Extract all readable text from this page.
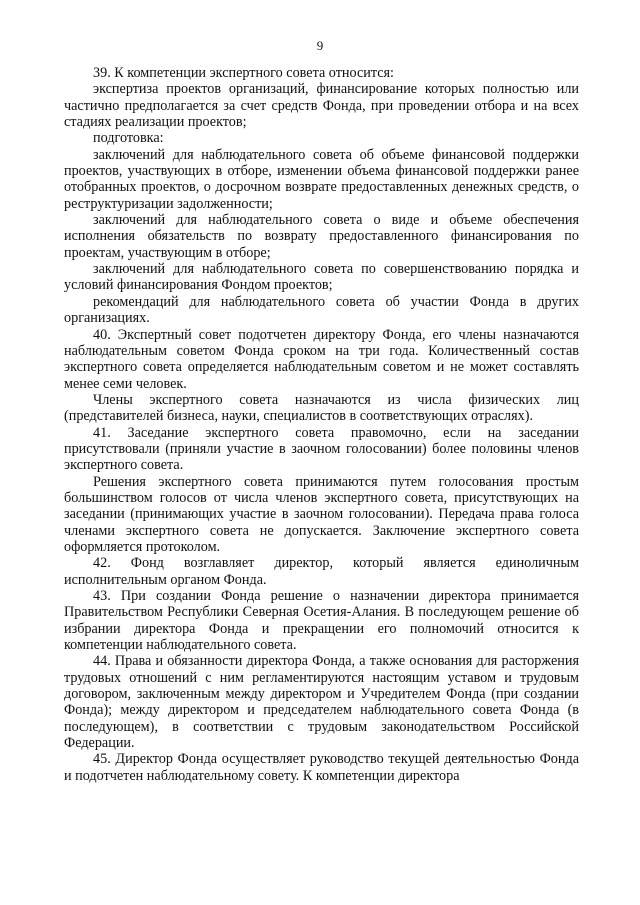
9

39. К компетенции экспертного совета относится:

экспертиза проектов организаций, финансирование которых полностью или частично предполагается за счет средств Фонда, при проведении отбора и на всех стадиях реализации проектов;

подготовка:

заключений для наблюдательного совета об объеме финансовой поддержки проектов, участвующих в отборе, изменении объема финансовой поддержки ранее отобранных проектов, о досрочном возврате предоставленных денежных средств, о реструктуризации задолженности;

заключений для наблюдательного совета о виде и объеме обеспечения исполнения обязательств по возврату предоставленного финансирования по проектам, участвующим в отборе;

заключений для наблюдательного совета по совершенствованию порядка и условий финансирования Фондом проектов;

рекомендаций для наблюдательного совета об участии Фонда в других организациях.

40. Экспертный совет подотчетен директору Фонда, его члены назначаются наблюдательным советом Фонда сроком на три года. Количественный состав экспертного совета определяется наблюдательным советом и не может составлять менее семи человек.

Члены экспертного совета назначаются из числа физических лиц (представителей бизнеса, науки, специалистов в соответствующих отраслях).

41. Заседание экспертного совета правомочно, если на заседании присутствовали (приняли участие в заочном голосовании) более половины членов экспертного совета.

Решения экспертного совета принимаются путем голосования простым большинством голосов от числа членов экспертного совета, присутствующих на заседании (принимающих участие в заочном голосовании). Передача права голоса членами экспертного совета не допускается. Заключение экспертного совета оформляется протоколом.

42. Фонд возглавляет директор, который является единоличным исполнительным органом Фонда.

43. При создании Фонда решение о назначении директора принимается Правительством Республики Северная Осетия-Алания. В последующем решение об избрании директора Фонда и прекращении его полномочий относится к компетенции наблюдательного совета.

44. Права и обязанности директора Фонда, а также основания для расторжения трудовых отношений с ним регламентируются настоящим уставом и трудовым договором, заключенным между директором и Учредителем Фонда (при создании Фонда); между директором и председателем наблюдательного совета Фонда (в последующем), в соответствии с трудовым законодательством Российской Федерации.

45. Директор Фонда осуществляет руководство текущей деятельностью Фонда и подотчетен наблюдательному совету. К компетенции директора
